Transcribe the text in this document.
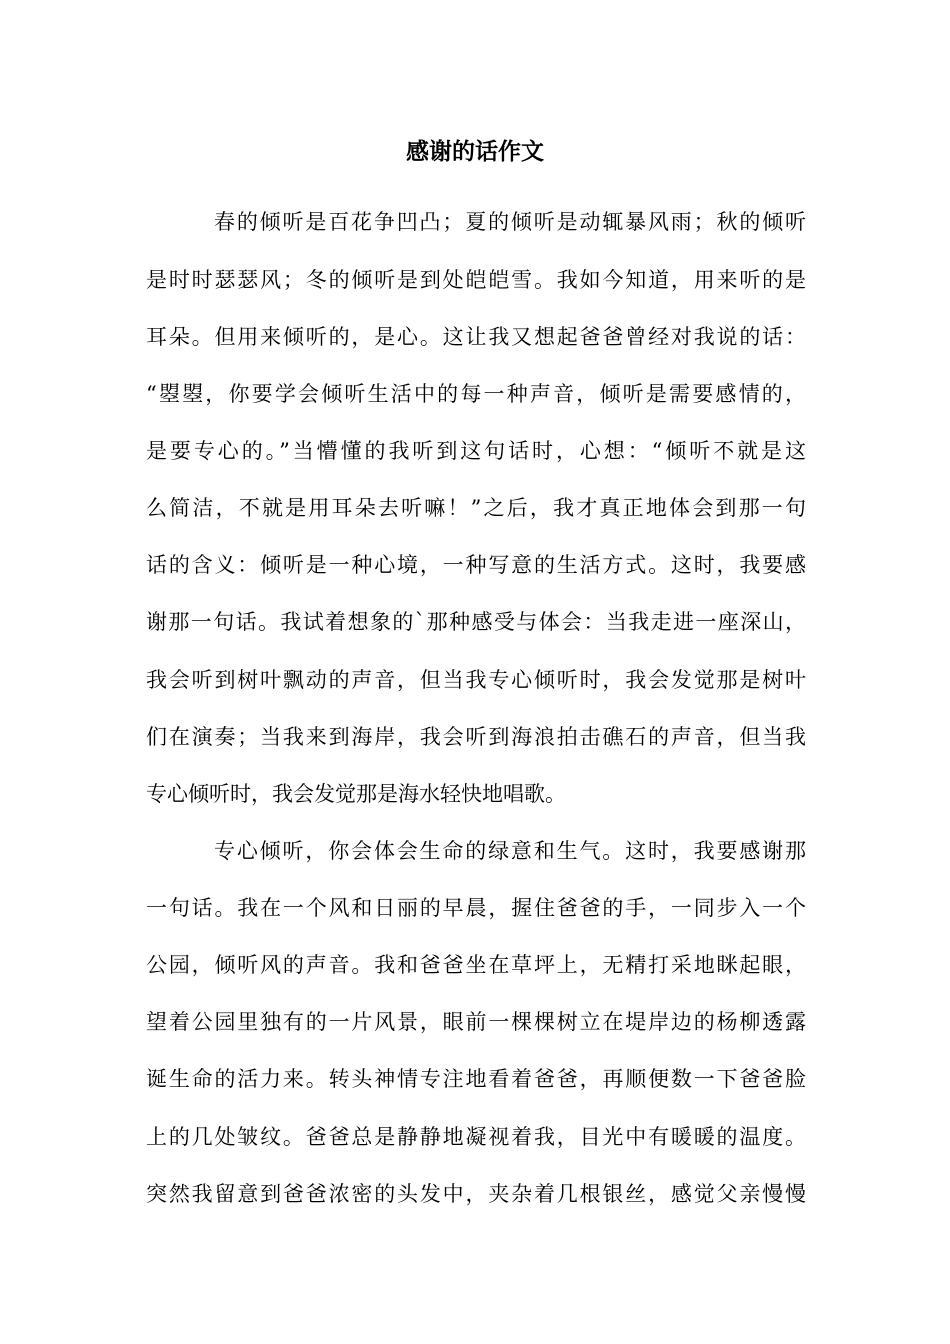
感谢的话作文
春的倾听是百花争凹凸；夏的倾听是动辄暴风雨；秋的倾听
是时时瑟瑟风；冬的倾听是到处皑皑雪。我如今知道，用来听的是
耳朵。但用来倾听的，是心。这让我又想起爸爸曾经对我说的话：
“曌曌，你要学会倾听生活中的每一种声音，倾听是需要感情的，
是要专心的。”当懵懂的我听到这句话时，心想：“倾听不就是这
么简洁，不就是用耳朵去听嘛！”之后，我才真正地体会到那一句
话的含义：倾听是一种心境，一种写意的生活方式。这时，我要感
谢那一句话。我试着想象的`那种感受与体会：当我走进一座深山，
我会听到树叶飘动的声音，但当我专心倾听时，我会发觉那是树叶
们在演奏；当我来到海岸，我会听到海浪拍击礁石的声音，但当我
专心倾听时，我会发觉那是海水轻快地唱歌。
专心倾听，你会体会生命的绿意和生气。这时，我要感谢那
一句话。我在一个风和日丽的早晨，握住爸爸的手，一同步入一个
公园，倾听风的声音。我和爸爸坐在草坪上，无精打采地眯起眼，
望着公园里独有的一片风景，眼前一棵棵树立在堤岸边的杨柳透露
诞生命的活力来。转头神情专注地看着爸爸，再顺便数一下爸爸脸
上的几处皱纹。爸爸总是静静地凝视着我，目光中有暖暖的温度。
突然我留意到爸爸浓密的头发中，夹杂着几根银丝，感觉父亲慢慢
